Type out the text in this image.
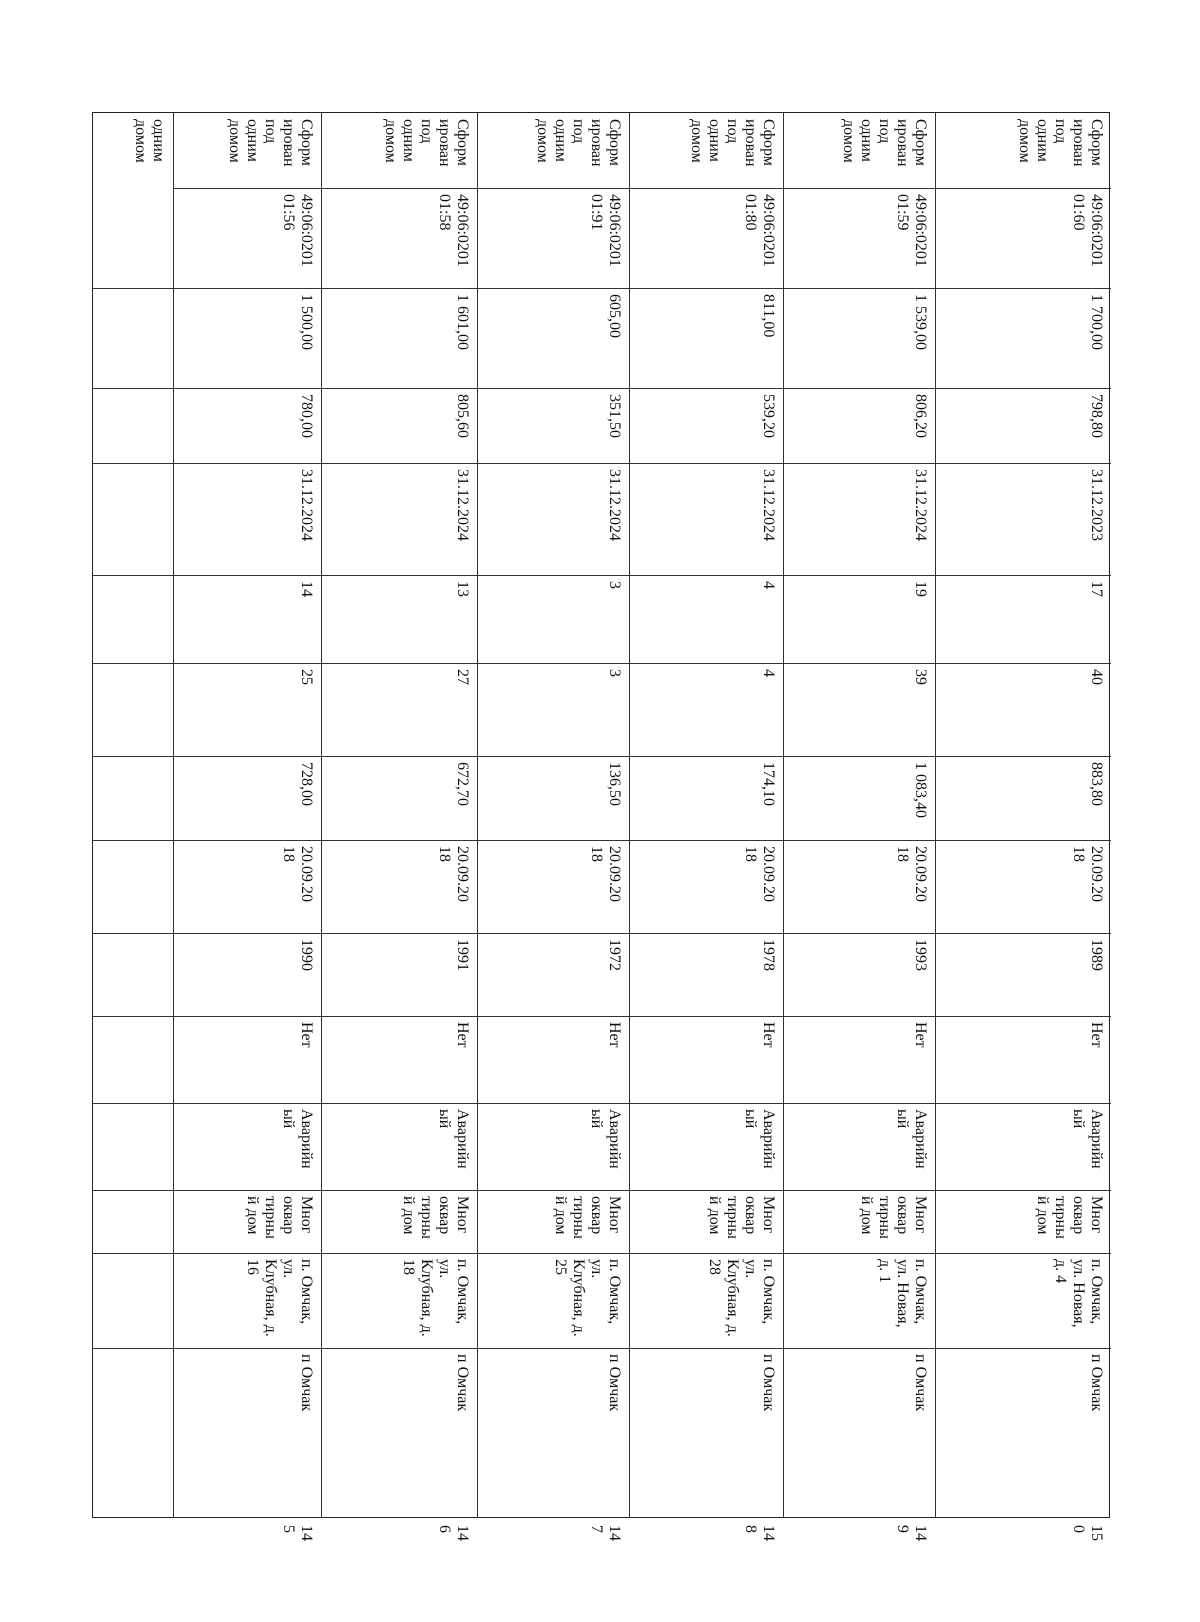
одним
домом	Сформ
ирован
под
одним
домом
49:06:0201
01:56
1 500,00
780,00
31.12.2024
14
25
728,00
20.09.20
18
1990
Нет
Аварийн
ый
Мног
оквар
тирны
й дом
п. Омчак,
ул.
Клубная, д.
16
п Омчак
14
5
Сформ
ирован
под
одним
домом
49:06:0201
01:58
1 601,00
805,60
31.12.2024
13
27
672,70
20.09.20
18
1991
Нет
Аварийн
ый
Мног
оквар
тирны
й дом
п. Омчак,
ул.
Клубная, д.
18
п Омчак
14
6
Сформ
ирован
под
одним
домом
49:06:0201
01:91
605,00
351,50
31.12.2024
3
3
136,50
20.09.20
18
1972
Нет
Аварийн
ый
Мног
оквар
тирны
й дом
п. Омчак,
ул.
Клубная, д.
25
п Омчак
14
7
Сформ
ирован
под
одним
домом
49:06:0201
01:80
811,00
539,20
31.12.2024
4
4
174,10
20.09.20
18
1978
Нет
Аварийн
ый
Мног
оквар
тирны
й дом
п. Омчак,
ул.
Клубная, д.
28
п Омчак
14
8
Сформ
ирован
под
одним
домом
49:06:0201
01:59
1 539,00
806,20
31.12.2024
19
39
1 083,40
20.09.20
18
1993
Нет
Аварийн
ый
Мног
оквар
тирны
й дом
п. Омчак,
ул. Новая,
д. 1
п Омчак
14
9
Сформ
ирован
под
одним
домом
49:06:0201
01:60
1 700,00
798,80
31.12.2023
17
40
883,80
20.09.20
18
1989
Нет
Аварийн
ый
Мног
оквар
тирны
й дом
п. Омчак,
ул. Новая,
д. 4
п Омчак
15
0
